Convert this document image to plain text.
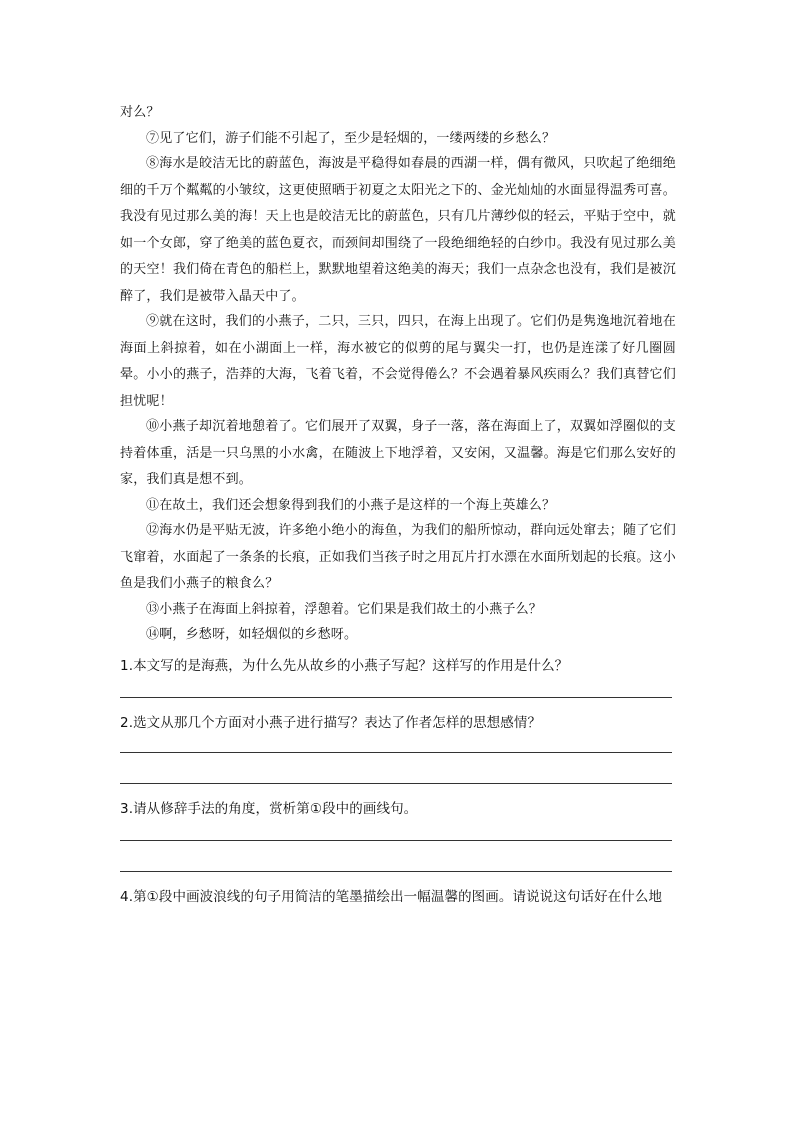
对么？

⑦见了它们，游子们能不引起了，至少是轻烟的，一缕两缕的乡愁么？

⑧海水是皎洁无比的蔚蓝色，海波是平稳得如春晨的西湖一样，偶有微风，只吹起了绝细绝细的千万个粼粼的小皱纹，这更使照晒于初夏之太阳光之下的、金光灿灿的水面显得温秀可喜。我没有见过那么美的海！天上也是皎洁无比的蔚蓝色，只有几片薄纱似的轻云，平贴于空中，就如一个女郎，穿了绝美的蓝色夏衣，而颈间却围绕了一段绝细绝轻的白纱巾。我没有见过那么美的天空！我们倚在青色的船栏上，默默地望着这绝美的海天；我们一点杂念也没有，我们是被沉醉了，我们是被带入晶天中了。

⑨就在这时，我们的小燕子，二只，三只，四只，在海上出现了。它们仍是隽逸地沉着地在海面上斜掠着，如在小湖面上一样，海水被它的似剪的尾与翼尖一打，也仍是连漾了好几圈圆晕。小小的燕子，浩莽的大海，飞着飞着，不会觉得倦么？不会遇着暴风疾雨么？我们真替它们担忧呢！

⑩小燕子却沉着地憩着了。它们展开了双翼，身子一落，落在海面上了，双翼如浮圈似的支持着体重，活是一只乌黑的小水禽，在随波上下地浮着，又安闲，又温馨。海是它们那么安好的家，我们真是想不到。

⑪在故土，我们还会想象得到我们的小燕子是这样的一个海上英雄么？

⑫海水仍是平贴无波，许多绝小绝小的海鱼，为我们的船所惊动，群向远处窜去；随了它们飞窜着，水面起了一条条的长痕，正如我们当孩子时之用瓦片打水漂在水面所划起的长痕。这小鱼是我们小燕子的粮食么？

⑬小燕子在海面上斜掠着，浮憩着。它们果是我们故土的小燕子么？

⑭啊，乡愁呀，如轻烟似的乡愁呀。

1.本文写的是海燕，为什么先从故乡的小燕子写起？这样写的作用是什么？

2.选文从那几个方面对小燕子进行描写？表达了作者怎样的思想感情？

3.请从修辞手法的角度，赏析第①段中的画线句。

4.第①段中画波浪线的句子用简洁的笔墨描绘出一幅温馨的图画。请说说这句话好在什么地
